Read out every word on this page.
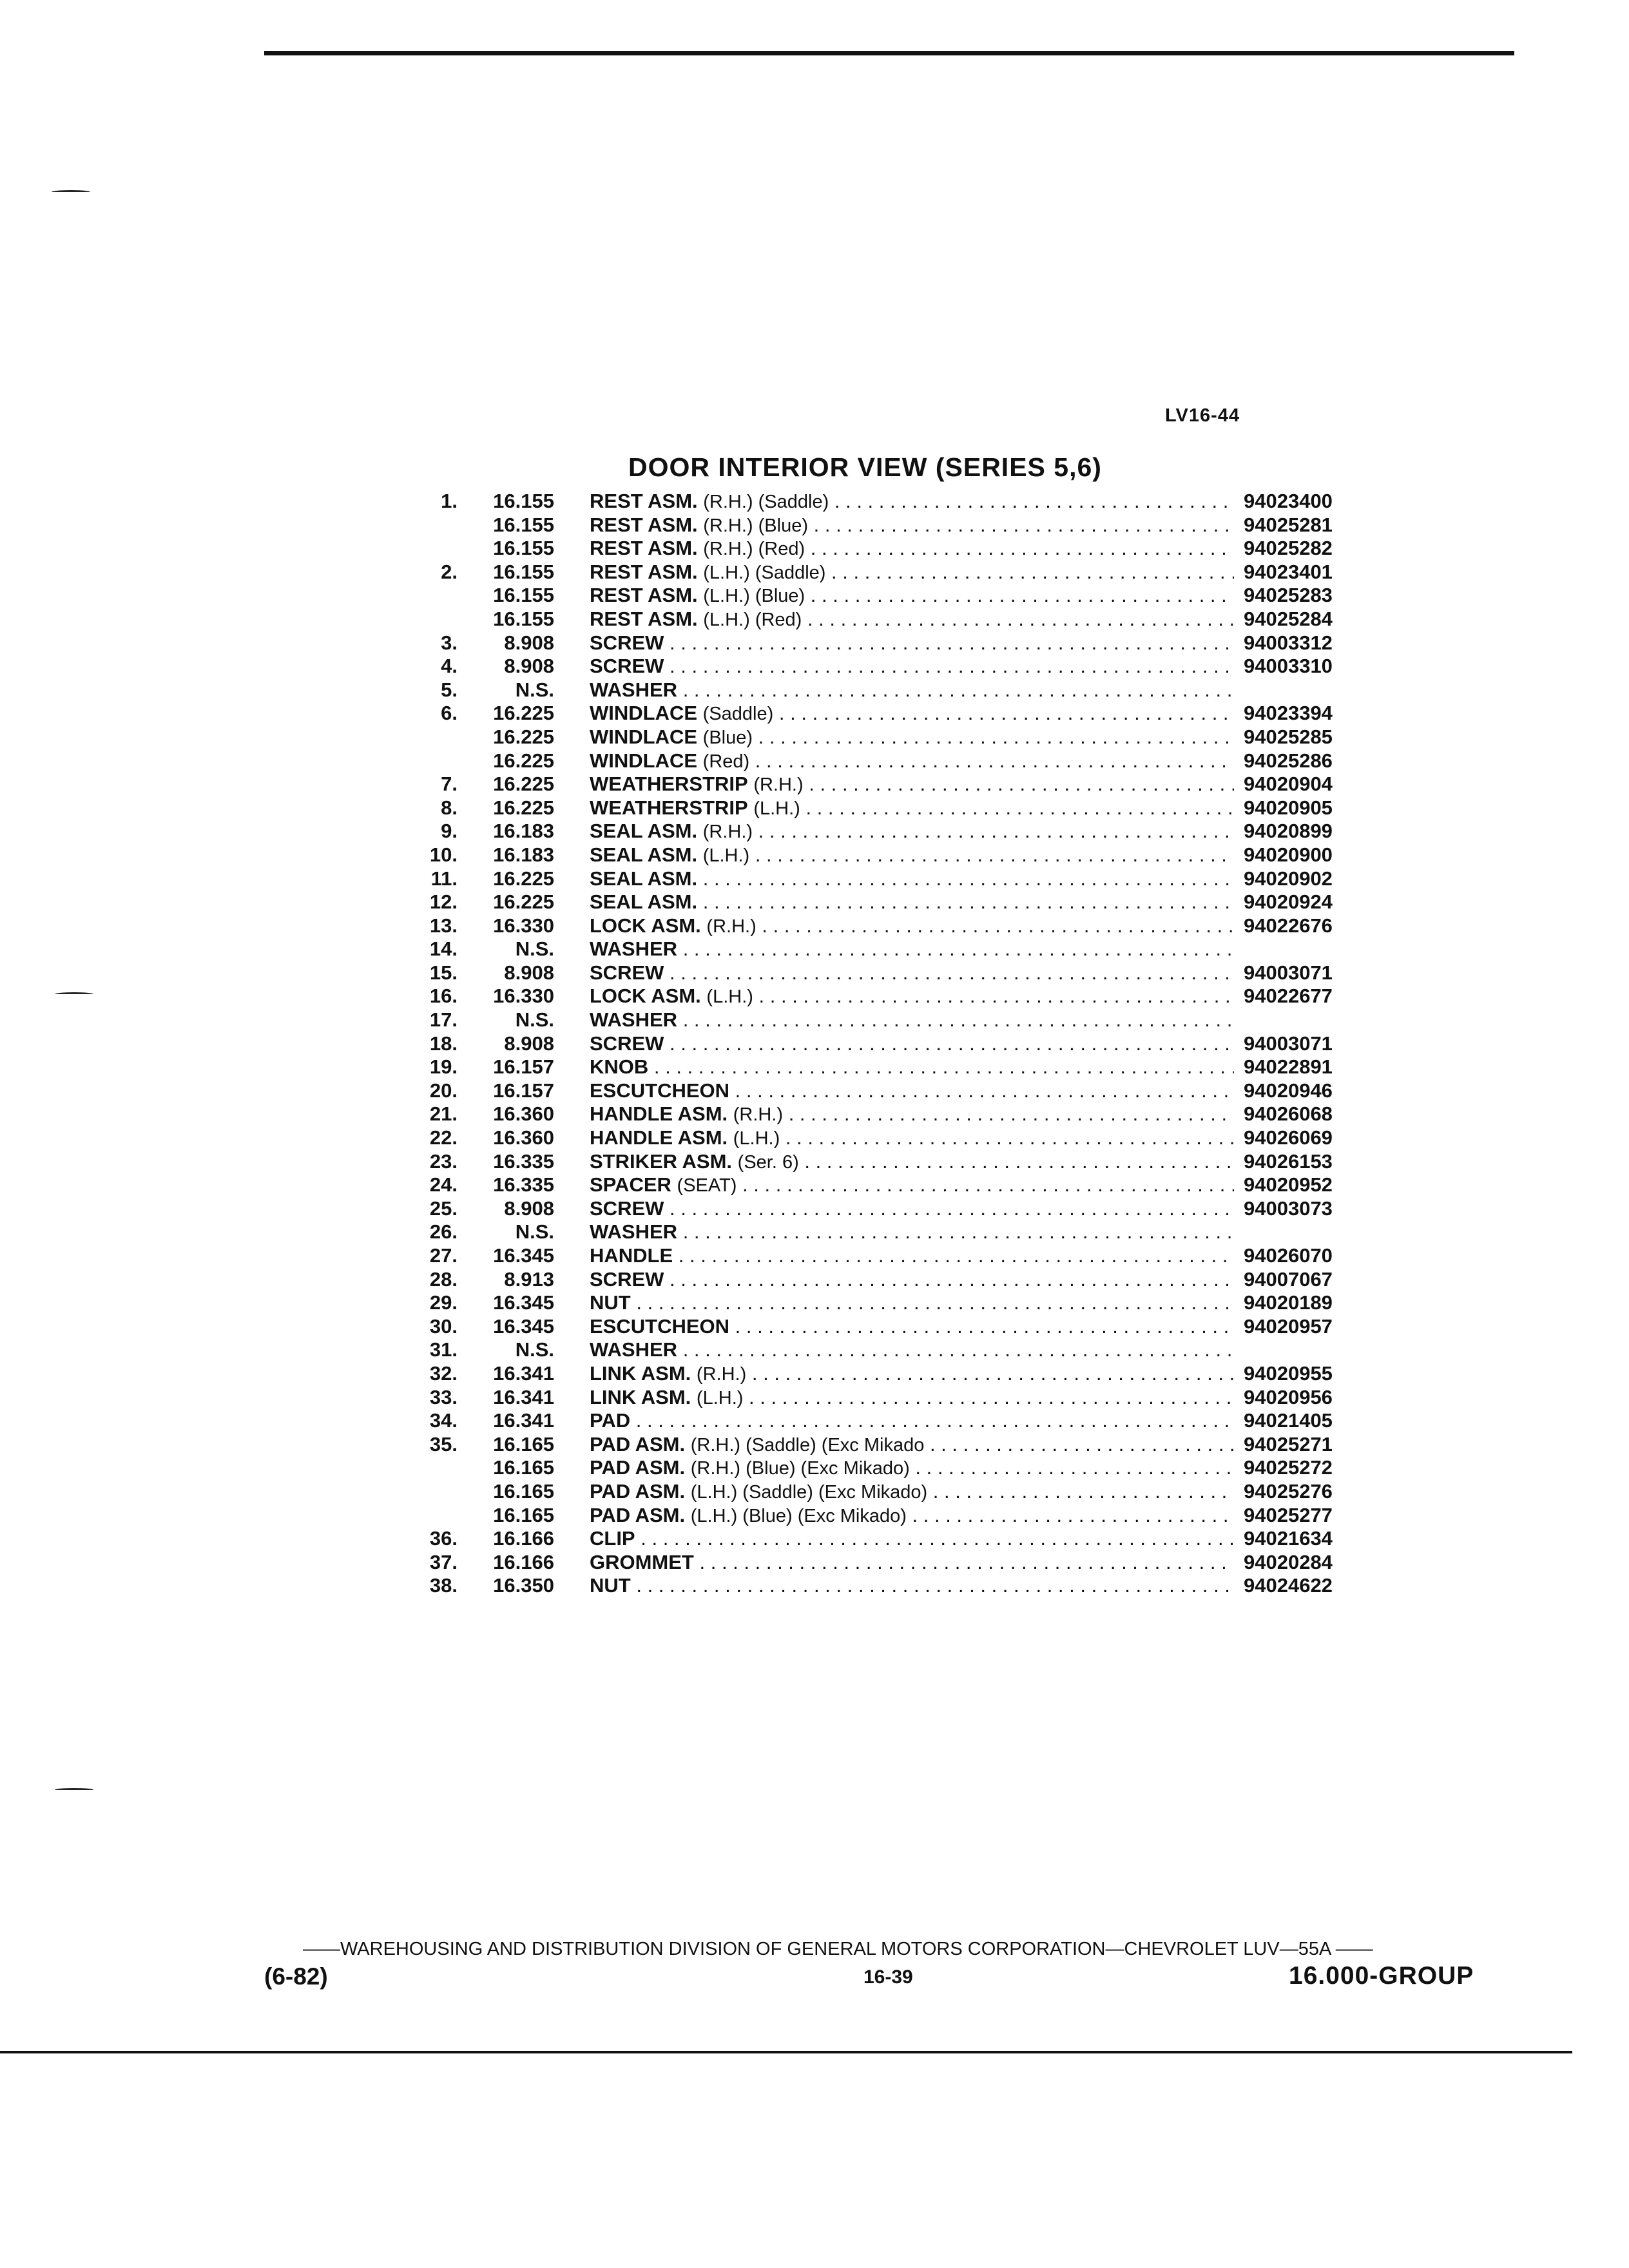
LV16-44
DOOR INTERIOR VIEW (SERIES 5,6)
1.	16.155 REST ASM. (R.H.) (Saddle) . . .	94023400
16.155 REST ASM. (R.H.) (Blue) . . .	94025281
16.155 REST ASM. (R.H.) (Red) . . .	94025282
2.	16.155 REST ASM. (L.H.) (Saddle) . . .	94023401
16.155 REST ASM. (L.H.) (Blue) . . .	94025283
16.155 REST ASM. (L.H.) (Red) . . .	94025284
3.	8.908 SCREW . . .	94003312
4.	8.908 SCREW . . .	94003310
5.	N.S. WASHER . . .
6.	16.225 WINDLACE (Saddle) . . .	94023394
16.225 WINDLACE (Blue) . . .	94025285
16.225 WINDLACE (Red) . . .	94025286
7.	16.225 WEATHERSTRIP (R.H.) . . .	94020904
8.	16.225 WEATHERSTRIP (L.H.) . . .	94020905
9.	16.183 SEAL ASM. (R.H.) . . .	94020899
10.	16.183 SEAL ASM. (L.H.) . . .	94020900
11.	16.225 SEAL ASM. . . .	94020902
12.	16.225 SEAL ASM. . . .	94020924
13.	16.330 LOCK ASM. (R.H.) . . .	94022676
14.	N.S. WASHER . . .
15.	8.908 SCREW . . .	94003071
16.	16.330 LOCK ASM. (L.H.) . . .	94022677
17.	N.S. WASHER . . .
18.	8.908 SCREW . . .	94003071
19.	16.157 KNOB . . .	94022891
20.	16.157 ESCUTCHEON . . .	94020946
21.	16.360 HANDLE ASM. (R.H.) . . .	94026068
22.	16.360 HANDLE ASM. (L.H.) . . .	94026069
23.	16.335 STRIKER ASM. (Ser. 6) . . .	94026153
24.	16.335 SPACER (SEAT) . . .	94020952
25.	8.908 SCREW . . .	94003073
26.	N.S. WASHER . . .
27.	16.345 HANDLE . . .	94026070
28.	8.913 SCREW . . .	94007067
29.	16.345 NUT . . .	94020189
30.	16.345 ESCUTCHEON . . .	94020957
31.	N.S. WASHER . . .
32.	16.341 LINK ASM. (R.H.) . . .	94020955
33.	16.341 LINK ASM. (L.H.) . . .	94020956
34.	16.341 PAD . . .	94021405
35.	16.165 PAD ASM. (R.H.) (Saddle) (Exc Mikado . . .	94025271
16.165 PAD ASM. (R.H.) (Blue) (Exc Mikado) . . .	94025272
16.165 PAD ASM. (L.H.) (Saddle) (Exc Mikado) . . .	94025276
16.165 PAD ASM. (L.H.) (Blue) (Exc Mikado) . . .	94025277
36.	16.166 CLIP . . .	94021634
37.	16.166 GROMMET . . .	94020284
38.	16.350 NUT . . .	94024622
——WAREHOUSING AND DISTRIBUTION DIVISION OF GENERAL MOTORS CORPORATION—CHEVROLET LUV—55A ——
(6-82)	16-39	16.000-GROUP
